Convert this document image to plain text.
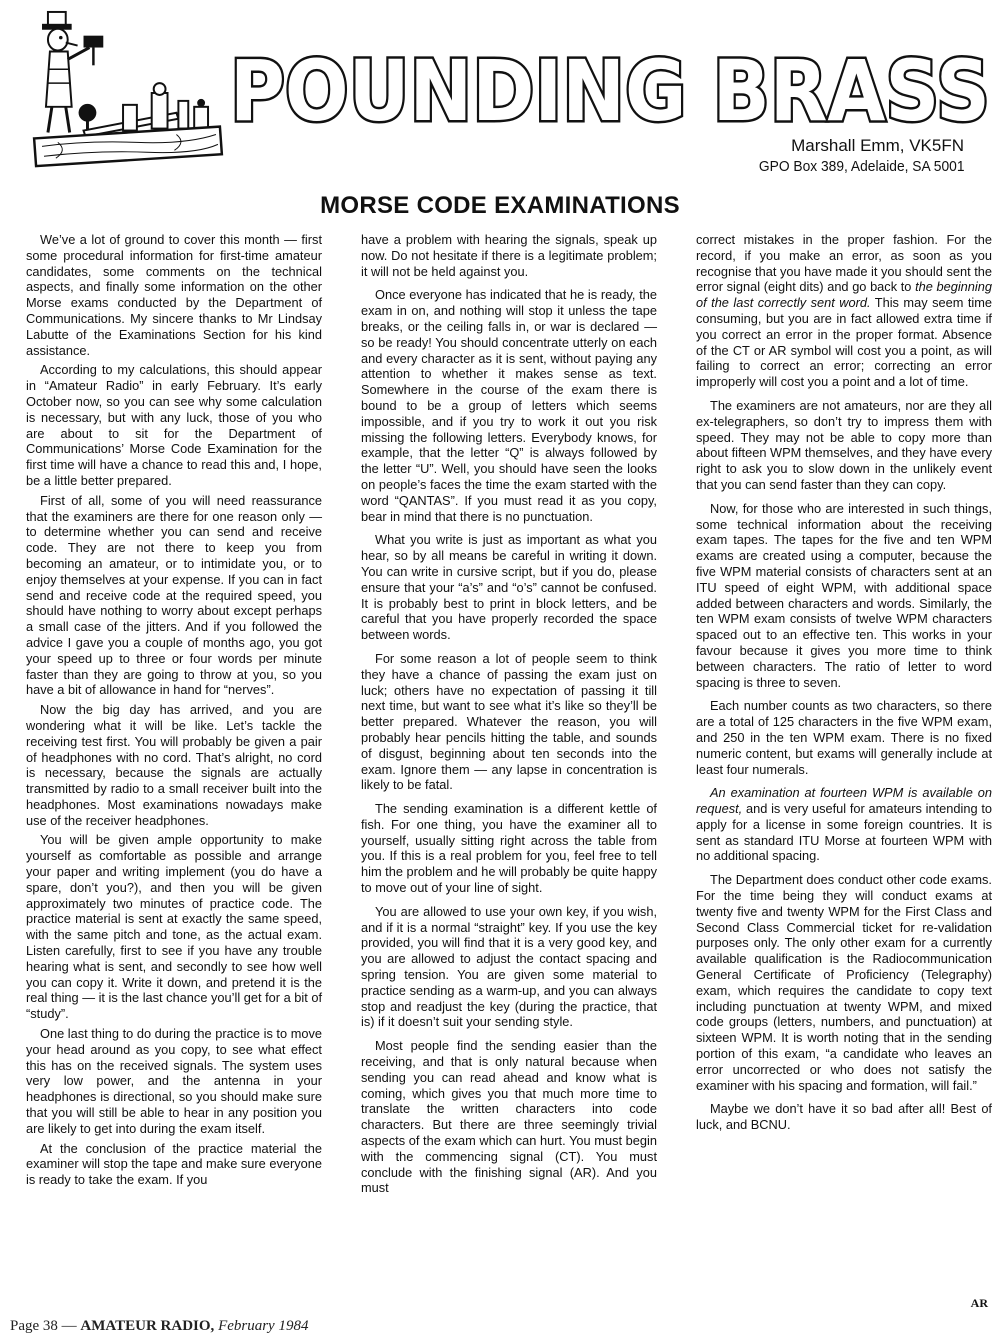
POUNDING BRASS
Marshall Emm, VK5FN
GPO Box 389, Adelaide, SA 5001
MORSE CODE EXAMINATIONS

We’ve a lot of ground to cover this month — first some procedural information for first-time amateur candidates, some comments on the technical aspects, and finally some information on the other Morse exams conducted by the Department of Communications. My sincere thanks to Mr Lindsay Labutte of the Examinations Section for his kind assistance.

According to my calculations, this should appear in “Amateur Radio” in early February. It’s early October now, so you can see why some calculation is necessary, but with any luck, those of you who are about to sit for the Department of Communications’ Morse Code Examination for the first time will have a chance to read this and, I hope, be a little better prepared.

First of all, some of you will need reassurance that the examiners are there for one reason only — to determine whether you can send and receive code. They are not there to keep you from becoming an amateur, or to intimidate you, or to enjoy themselves at your expense. If you can in fact send and receive code at the required speed, you should have nothing to worry about except perhaps a small case of the jitters. And if you followed the advice I gave you a couple of months ago, you got your speed up to three or four words per minute faster than they are going to throw at you, so you have a bit of allowance in hand for “nerves”.

Now the big day has arrived, and you are wondering what it will be like. Let’s tackle the receiving test first. You will probably be given a pair of headphones with no cord. That’s alright, no cord is necessary, because the signals are actually transmitted by radio to a small receiver built into the headphones. Most examinations nowadays make use of the receiver headphones.

You will be given ample opportunity to make yourself as comfortable as possible and arrange your paper and writing implement (you do have a spare, don’t you?), and then you will be given approximately two minutes of practice code. The practice material is sent at exactly the same speed, with the same pitch and tone, as the actual exam. Listen carefully, first to see if you have any trouble hearing what is sent, and secondly to see how well you can copy it. Write it down, and pretend it is the real thing — it is the last chance you’ll get for a bit of “study”.

One last thing to do during the practice is to move your head around as you copy, to see what effect this has on the received signals. The system uses very low power, and the antenna in your headphones is directional, so you should make sure that you will still be able to hear in any position you are likely to get into during the exam itself.

At the conclusion of the practice material the examiner will stop the tape and make sure everyone is ready to take the exam. If you

have a problem with hearing the signals, speak up now. Do not hesitate if there is a legitimate problem; it will not be held against you.

Once everyone has indicated that he is ready, the exam in on, and nothing will stop it unless the tape breaks, or the ceiling falls in, or war is declared — so be ready! You should concentrate utterly on each and every character as it is sent, without paying any attention to whether it makes sense as text. Somewhere in the course of the exam there is bound to be a group of letters which seems impossible, and if you try to work it out you risk missing the following letters. Everybody knows, for example, that the letter “Q” is always followed by the letter “U”. Well, you should have seen the looks on people’s faces the time the exam started with the word “QANTAS”. If you must read it as you copy, bear in mind that there is no punctuation.

What you write is just as important as what you hear, so by all means be careful in writing it down. You can write in cursive script, but if you do, please ensure that your “a’s” and “o’s” cannot be confused. It is probably best to print in block letters, and be careful that you have properly recorded the space between words.

For some reason a lot of people seem to think they have a chance of passing the exam just on luck; others have no expectation of passing it till next time, but want to see what it’s like so they’ll be better prepared. Whatever the reason, you will probably hear pencils hitting the table, and sounds of disgust, beginning about ten seconds into the exam. Ignore them — any lapse in concentration is likely to be fatal.

The sending examination is a different kettle of fish. For one thing, you have the examiner all to yourself, usually sitting right across the table from you. If this is a real problem for you, feel free to tell him the problem and he will probably be quite happy to move out of your line of sight.

You are allowed to use your own key, if you wish, and if it is a normal “straight” key. If you use the key provided, you will find that it is a very good key, and you are allowed to adjust the contact spacing and spring tension. You are given some material to practice sending as a warm-up, and you can always stop and readjust the key (during the practice, that is) if it doesn’t suit your sending style.

Most people find the sending easier than the receiving, and that is only natural because when sending you can read ahead and know what is coming, which gives you that much more time to translate the written characters into code characters. But there are three seemingly trivial aspects of the exam which can hurt. You must begin with the commencing signal (CT). You must conclude with the finishing signal (AR). And you must

correct mistakes in the proper fashion. For the record, if you make an error, as soon as you recognise that you have made it you should sent the error signal (eight dits) and go back to the beginning of the last correctly sent word. This may seem time consuming, but you are in fact allowed extra time if you correct an error in the proper format. Absence of the CT or AR symbol will cost you a point, as will failing to correct an error; correcting an error improperly will cost you a point and a lot of time.

The examiners are not amateurs, nor are they all ex-telegraphers, so don’t try to impress them with speed. They may not be able to copy more than about fifteen WPM themselves, and they have every right to ask you to slow down in the unlikely event that you can send faster than they can copy.

Now, for those who are interested in such things, some technical information about the receiving exam tapes. The tapes for the five and ten WPM exams are created using a computer, because the five WPM material consists of characters sent at an ITU speed of eight WPM, with additional space added between characters and words. Similarly, the ten WPM exam consists of twelve WPM characters spaced out to an effective ten. This works in your favour because it gives you more time to think between characters. The ratio of letter to word spacing is three to seven.

Each number counts as two characters, so there are a total of 125 characters in the five WPM exam, and 250 in the ten WPM exam. There is no fixed numeric content, but exams will generally include at least four numerals.

An examination at fourteen WPM is available on request, and is very useful for amateurs intending to apply for a license in some foreign countries. It is sent as standard ITU Morse at fourteen WPM with no additional spacing.

The Department does conduct other code exams. For the time being they will conduct exams at twenty five and twenty WPM for the First Class and Second Class Commercial ticket for re-validation purposes only. The only other exam for a currently available qualification is the Radiocommunication General Certificate of Proficiency (Telegraphy) exam, which requires the candidate to copy text including punctuation at twenty WPM, and mixed code groups (letters, numbers, and punctuation) at sixteen WPM. It is worth noting that in the sending portion of this exam, “a candidate who leaves an error uncorrected or who does not satisfy the examiner with his spacing and formation, will fail.”

Maybe we don’t have it so bad after all! Best of luck, and BCNU.

AR
Page 38 — AMATEUR RADIO, February 1984
